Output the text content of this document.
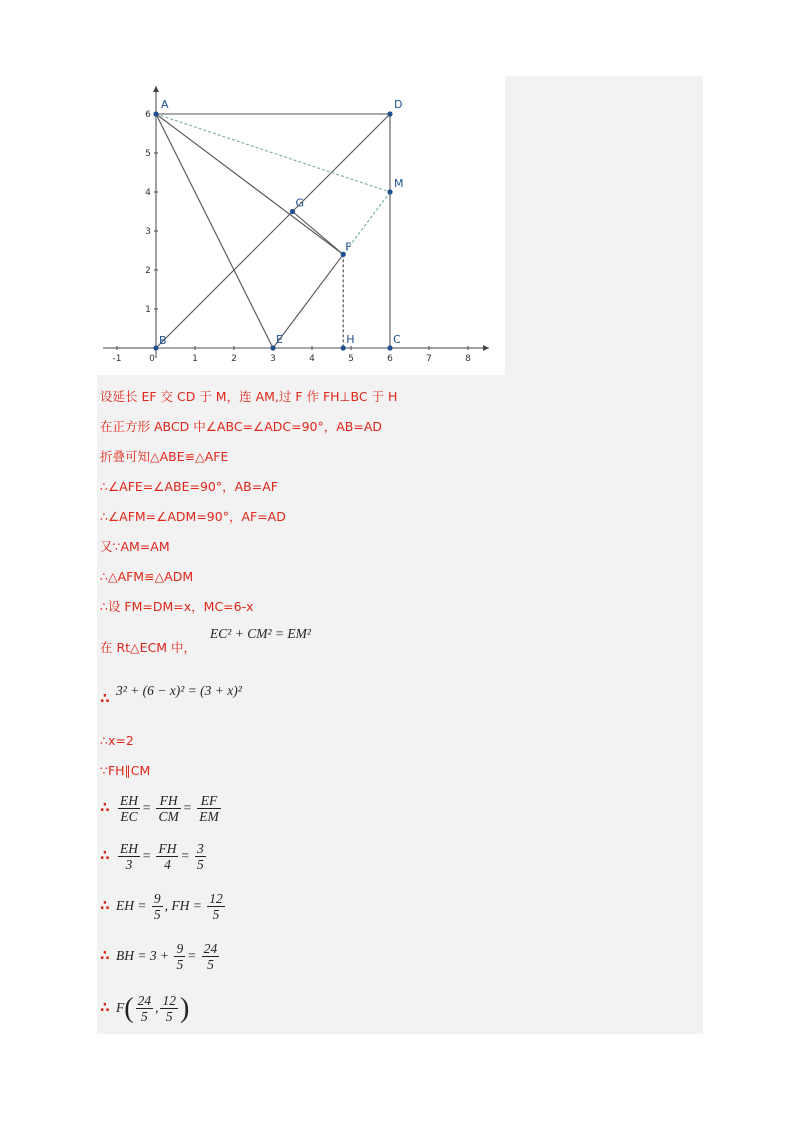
-1	0	1	2	3	4	5	6	7	8
1
2
3
4
5
6
A	D
B	C
E
M
G
F
H
设延长 EF 交 CD 于 M，连 AM,过 F 作 FH⊥BC 于 H
在正方形 ABCD 中∠ABC=∠ADC=90°，AB=AD
折叠可知△ABE≌△AFE
∴∠AFE=∠ABE=90°，AB=AF
∴∠AFM=∠ADM=90°，AF=AD
又∵AM=AM
∴△AFM≌△ADM
∴设 FM=DM=x，MC=6-x
在 Rt△ECM 中， EC² + CM² = EM²
∴ 3² + (6 − x)² = (3 + x)²
∴x=2
∵FH∥CM
∴ $\frac{EH}{EC} = \frac{FH}{CM} = \frac{EF}{EM}$
∴ $\frac{EH}{3} = \frac{FH}{4} = \frac{3}{5}$
∴ EH = $\frac{9}{5}$ , FH = $\frac{12}{5}$
∴ BH = $3 + \frac{9}{5} = \frac{24}{5}$
∴ $F( \frac{24}{5}$ , $\frac{12}{5}$ )
